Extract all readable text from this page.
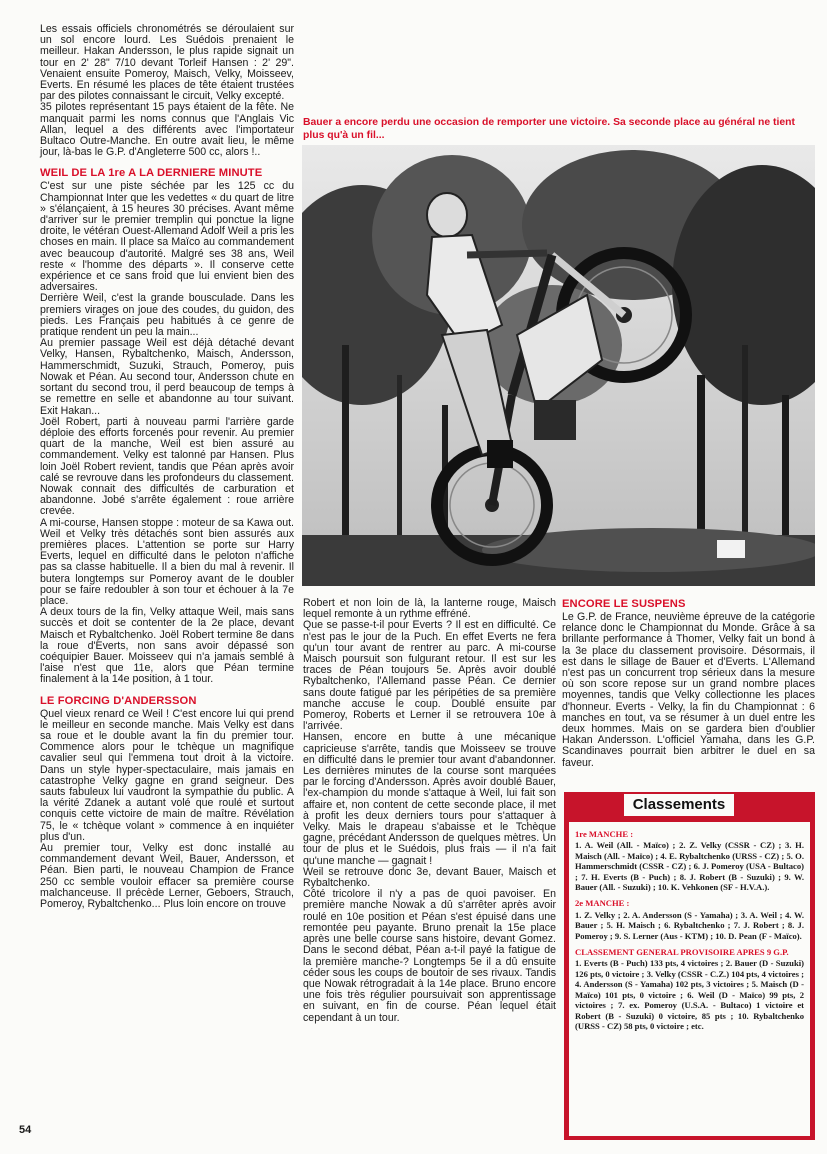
Les essais officiels chronométrés se déroulaient sur un sol encore lourd. Les Suédois prenaient le meilleur. Hakan Andersson, le plus rapide signait un tour en 2' 28" 7/10 devant Torleif Hansen : 2' 29". Venaient ensuite Pomeroy, Maisch, Velky, Moisseev, Everts. En résumé les places de tête étaient trustées par des pilotes connaissant le circuit, Velky excepté.

35 pilotes représentant 15 pays étaient de la fête. Ne manquait parmi les noms connus que l'Anglais Vic Allan, lequel a des différents avec l'importateur Bultaco Outre-Manche. En outre avait lieu, le même jour, là-bas le G.P. d'Angleterre 500 cc, alors !..

WEIL DE LA 1re A LA DERNIERE MINUTE

C'est sur une piste séchée par les 125 cc du Championnat Inter que les vedettes « du quart de litre » s'élançaient, à 15 heures 30 précises. Avant même d'arriver sur le premier tremplin qui ponctue la ligne droite, le vétéran Ouest-Allemand Adolf Weil a pris les choses en main. Il place sa Maïco au commandement avec beaucoup d'autorité. Malgré ses 38 ans, Weil reste « l'homme des départs ». Il conserve cette expérience et ce sans froid que lui envient bien des adversaires.

Derrière Weil, c'est la grande bousculade. Dans les premiers virages on joue des coudes, du guidon, des pieds. Les Français peu habitués à ce genre de pratique rendent un peu la main...

Au premier passage Weil est déjà détaché devant Velky, Hansen, Rybaltchenko, Maisch, Andersson, Hammerschmidt, Suzuki, Strauch, Pomeroy, puis Nowak et Péan. Au second tour, Andersson chute en sortant du second trou, il perd beaucoup de temps à se remettre en selle et abandonne au tour suivant. Exit Hakan...

Joël Robert, parti à nouveau parmi l'arrière garde déploie des efforts forcenés pour revenir. Au premier quart de la manche, Weil est bien assuré au commandement. Velky est talonné par Hansen. Plus loin Joël Robert revient, tandis que Péan après avoir calé se revrouve dans les profondeurs du classement. Nowak connait des difficultés de carburation et abandonne. Jobé s'arrête également : roue arrière crevée.

A mi-course, Hansen stoppe : moteur de sa Kawa out. Weil et Velky très détachés sont bien assurés aux premières places. L'attention se porte sur Harry Everts, lequel en difficulté dans le peloton n'affiche pas sa classe habituelle. Il a bien du mal à revenir. Il butera longtemps sur Pomeroy avant de le doubler pour se faire redoubler à son tour et échouer à la 7e place.

A deux tours de la fin, Velky attaque Weil, mais sans succès et doit se contenter de la 2e place, devant Maisch et Rybaltchenko. Joël Robert termine 8e dans la roue d'Everts, non sans avoir dépassé son coéquipier Bauer. Moisseev qui n'a jamais semblé à l'aise n'est que 11e, alors que Péan termine finalement à la 14e position, à 1 tour.

LE FORCING D'ANDERSSON

Quel vieux renard ce Weil ! C'est encore lui qui prend le meilleur en seconde manche. Mais Velky est dans sa roue et le double avant la fin du premier tour. Commence alors pour le tchèque un magnifique cavalier seul qui l'emmena tout droit à la victoire. Dans un style hyper-spectaculaire, mais jamais en catastrophe Velky gagne en grand seigneur. Des sauts fabuleux lui vaudront la sympathie du public. A la vérité Zdanek a autant volé que roulé et surtout conquis cette victoire de main de maître. Révélation 75, le « tchèque volant » commence à en inquiéter plus d'un.

Au premier tour, Velky est donc installé au commandement devant Weil, Bauer, Andersson, et Péan. Bien parti, le nouveau Champion de France 250 cc semble vouloir effacer sa première course malchanceuse. Il précède Lerner, Geboers, Strauch, Pomeroy, Rybaltchenko... Plus loin encore on trouve

Bauer a encore perdu une occasion de remporter une victoire. Sa seconde place au général ne tient plus qu'à un fil...

Robert et non loin de là, la lanterne rouge, Maisch lequel remonte à un rythme effréné.

Que se passe-t-il pour Everts ? Il est en difficulté. Ce n'est pas le jour de la Puch. En effet Everts ne fera qu'un tour avant de rentrer au parc. A mi-course Maisch poursuit son fulgurant retour. Il est sur les traces de Péan toujours 5e. Après avoir doublé Rybaltchenko, l'Allemand passe Péan. Ce dernier sans doute fatigué par les péripéties de sa première manche accuse le coup. Doublé ensuite par Pomeroy, Roberts et Lerner il se retrouvera 10e à l'arrivée.

Hansen, encore en butte à une mécanique capricieuse s'arrête, tandis que Moisseev se trouve en difficulté dans le premier tour avant d'abandonner. Les dernières minutes de la course sont marquées par le forcing d'Andersson. Après avoir doublé Bauer, l'ex-champion du monde s'attaque à Weil, lui fait son affaire et, non content de cette seconde place, il met à profit les deux derniers tours pour s'attaquer à Velky. Mais le drapeau s'abaisse et le Tchèque gagne, précédant Andersson de quelques mètres. Un tour de plus et le Suédois, plus frais — il n'a fait qu'une manche — gagnait !

Weil se retrouve donc 3e, devant Bauer, Maisch et Rybaltchenko.

Côté tricolore il n'y a pas de quoi pavoiser. En première manche Nowak a dû s'arrêter après avoir roulé en 10e position et Péan s'est épuisé dans une remontée peu payante. Bruno prenait la 15e place après une belle course sans histoire, devant Gomez. Dans le second débat, Péan a-t-il payé la fatigue de la première manche-? Longtemps 5e il a dû ensuite céder sous les coups de boutoir de ses rivaux. Tandis que Nowak rétrogradait à la 14e place. Bruno encore une fois très régulier poursuivait son apprentissage en suivant, en fin de course. Péan lequel était cependant à un tour.

ENCORE LE SUSPENS

Le G.P. de France, neuvième épreuve de la catégorie relance donc le Championnat du Monde. Grâce à sa brillante performance à Thomer, Velky fait un bond à la 3e place du classement provisoire. Désormais, il est dans le sillage de Bauer et d'Everts. L'Allemand n'est pas un concurrent trop sérieux dans la mesure où son score repose sur un grand nombre places moyennes, tandis que Velky collectionne les places d'honneur. Everts - Velky, la fin du Championnat : 6 manches en tout, va se résumer à un duel entre les deux hommes. Mais on se gardera bien d'oublier Hakan Andersson. L'officiel Yamaha, dans les G.P. Scandinaves pourrait bien arbitrer le duel en sa faveur.

Classements
1re MANCHE :
1. A. Weil (All. - Maïco) ; 2. Z. Velky (CSSR - CZ) ; 3. H. Maisch (All. - Maïco) ; 4. E. Rybaltchenko (URSS - CZ) ; 5. O. Hammerschmidt (CSSR - CZ) ; 6. J. Pomeroy (USA - Bultaco) ; 7. H. Everts (B - Puch) ; 8. J. Robert (B - Suzuki) ; 9. W. Bauer (All. - Suzuki) ; 10. K. Vehkonen (SF - H.V.A.).
2e MANCHE :
1. Z. Velky ; 2. A. Andersson (S - Yamaha) ; 3. A. Weil ; 4. W. Bauer ; 5. H. Maisch ; 6. Rybaltchenko ; 7. J. Robert ; 8. J. Pomeroy ; 9. S. Lerner (Aus - KTM) ; 10. D. Pean (F - Maïco).
CLASSEMENT GENERAL PROVISOIRE APRES 9 G.P.
1. Everts (B - Puch) 133 pts, 4 victoires ; 2. Bauer (D - Suzuki) 126 pts, 0 victoire ; 3. Velky (CSSR - C.Z.) 104 pts, 4 victoires ; 4. Andersson (S - Yamaha) 102 pts, 3 victoires ; 5. Maisch (D - Maïco) 101 pts, 0 victoire ; 6. Weil (D - Maïco) 99 pts, 2 victoires ; 7. ex. Pomeroy (U.S.A. - Bultaco) 1 victoire et Robert (B - Suzuki) 0 victoire, 85 pts ; 10. Rybaltchenko (URSS - CZ) 58 pts, 0 victoire ; etc.
54
